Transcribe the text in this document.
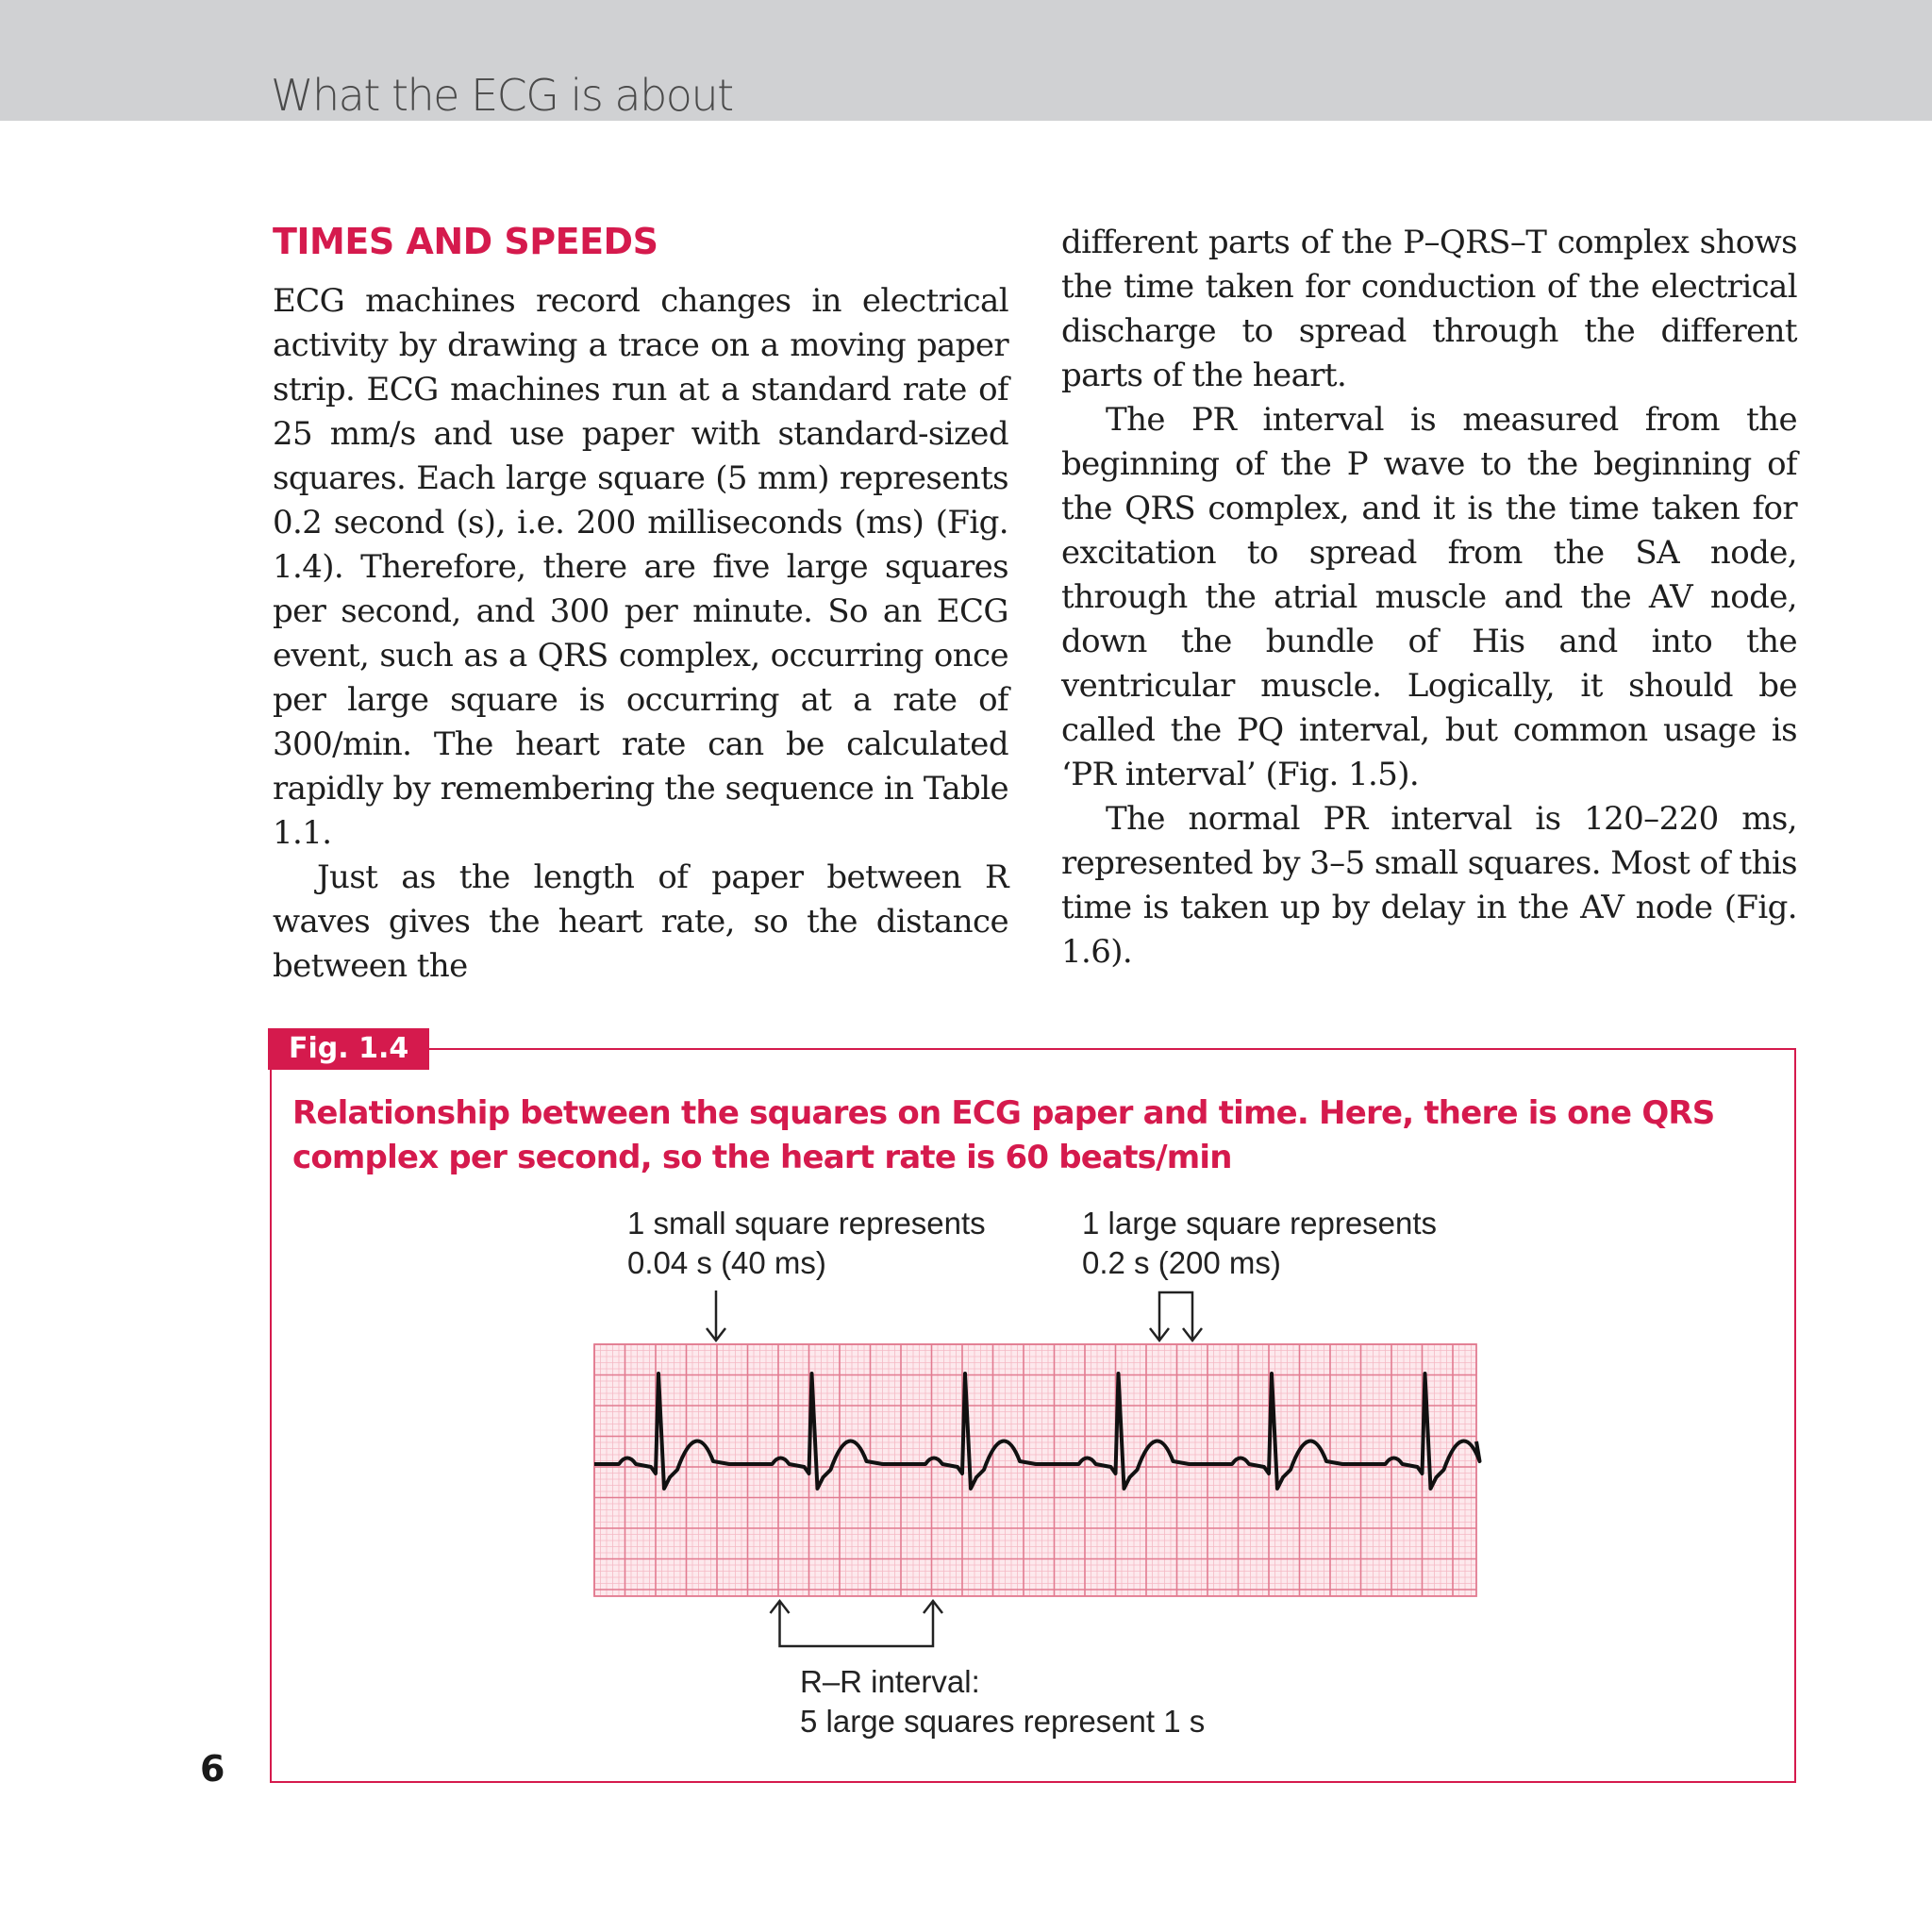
What the ECG is about
TIMES AND SPEEDS

ECG machines record changes in electrical activity by drawing a trace on a moving paper strip. ECG machines run at a standard rate of 25 mm/s and use paper with standard-sized squares. Each large square (5 mm) represents 0.2 second (s), i.e. 200 milliseconds (ms) (Fig. 1.4). Therefore, there are five large squares per second, and 300 per minute. So an ECG event, such as a QRS complex, occurring once per large square is occurring at a rate of 300/min. The heart rate can be calculated rapidly by remembering the sequence in Table 1.1.

Just as the length of paper between R waves gives the heart rate, so the distance between the

different parts of the P–QRS–T complex shows the time taken for conduction of the electrical discharge to spread through the different parts of the heart.

The PR interval is measured from the beginning of the P wave to the beginning of the QRS complex, and it is the time taken for excitation to spread from the SA node, through the atrial muscle and the AV node, down the bundle of His and into the ventricular muscle. Logically, it should be called the PQ interval, but common usage is ‘PR interval’ (Fig. 1.5).

The normal PR interval is 120–220 ms, represented by 3–5 small squares. Most of this time is taken up by delay in the AV node (Fig. 1.6).

Fig. 1.4
Relationship between the squares on ECG paper and time. Here, there is one QRS complex per second, so the heart rate is 60 beats/min
1 small square represents
0.04 s (40 ms)
1 large square represents
0.2 s (200 ms)
R–R interval:
5 large squares represent 1 s
6
